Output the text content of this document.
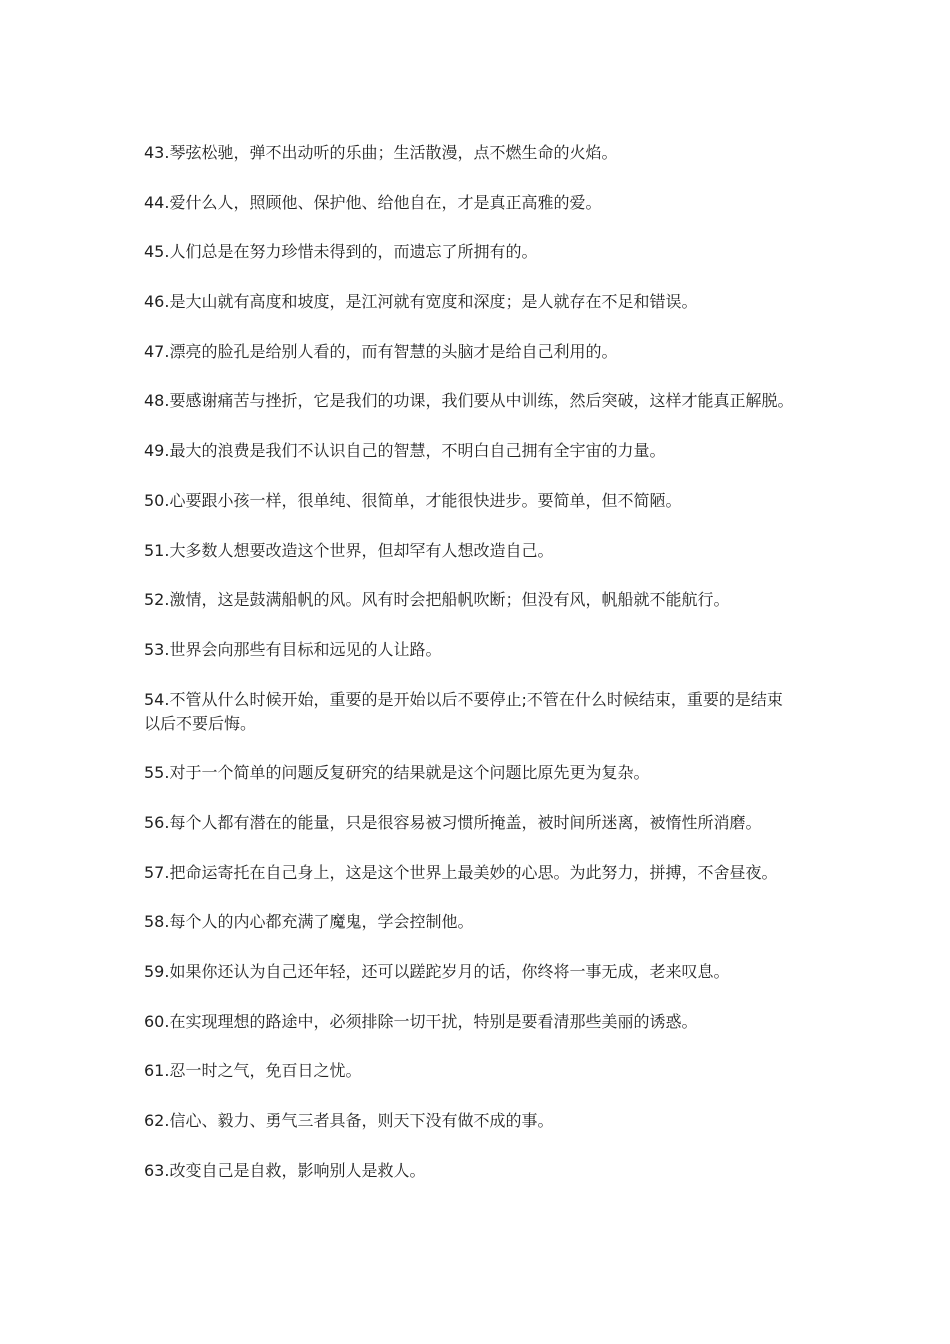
43.琴弦松驰，弹不出动听的乐曲；生活散漫，点不燃生命的火焰。
44.爱什么人，照顾他、保护他、给他自在，才是真正高雅的爱。
45.人们总是在努力珍惜未得到的，而遗忘了所拥有的。
46.是大山就有高度和坡度，是江河就有宽度和深度；是人就存在不足和错误。
47.漂亮的脸孔是给别人看的，而有智慧的头脑才是给自己利用的。
48.要感谢痛苦与挫折，它是我们的功课，我们要从中训练，然后突破，这样才能真正解脱。
49.最大的浪费是我们不认识自己的智慧，不明白自己拥有全宇宙的力量。
50.心要跟小孩一样，很单纯、很简单，才能很快进步。要简单，但不简陋。
51.大多数人想要改造这个世界，但却罕有人想改造自己。
52.激情，这是鼓满船帆的风。风有时会把船帆吹断；但没有风，帆船就不能航行。
53.世界会向那些有目标和远见的人让路。
54.不管从什么时候开始，重要的是开始以后不要停止;不管在什么时候结束，重要的是结束以后不要后悔。
55.对于一个简单的问题反复研究的结果就是这个问题比原先更为复杂。
56.每个人都有潜在的能量，只是很容易被习惯所掩盖，被时间所迷离，被惰性所消磨。
57.把命运寄托在自己身上，这是这个世界上最美妙的心思。为此努力，拼搏，不舍昼夜。
58.每个人的内心都充满了魔鬼，学会控制他。
59.如果你还认为自己还年轻，还可以蹉跎岁月的话，你终将一事无成，老来叹息。
60.在实现理想的路途中，必须排除一切干扰，特别是要看清那些美丽的诱惑。
61.忍一时之气，免百日之忧。
62.信心、毅力、勇气三者具备，则天下没有做不成的事。
63.改变自己是自救，影响别人是救人。
